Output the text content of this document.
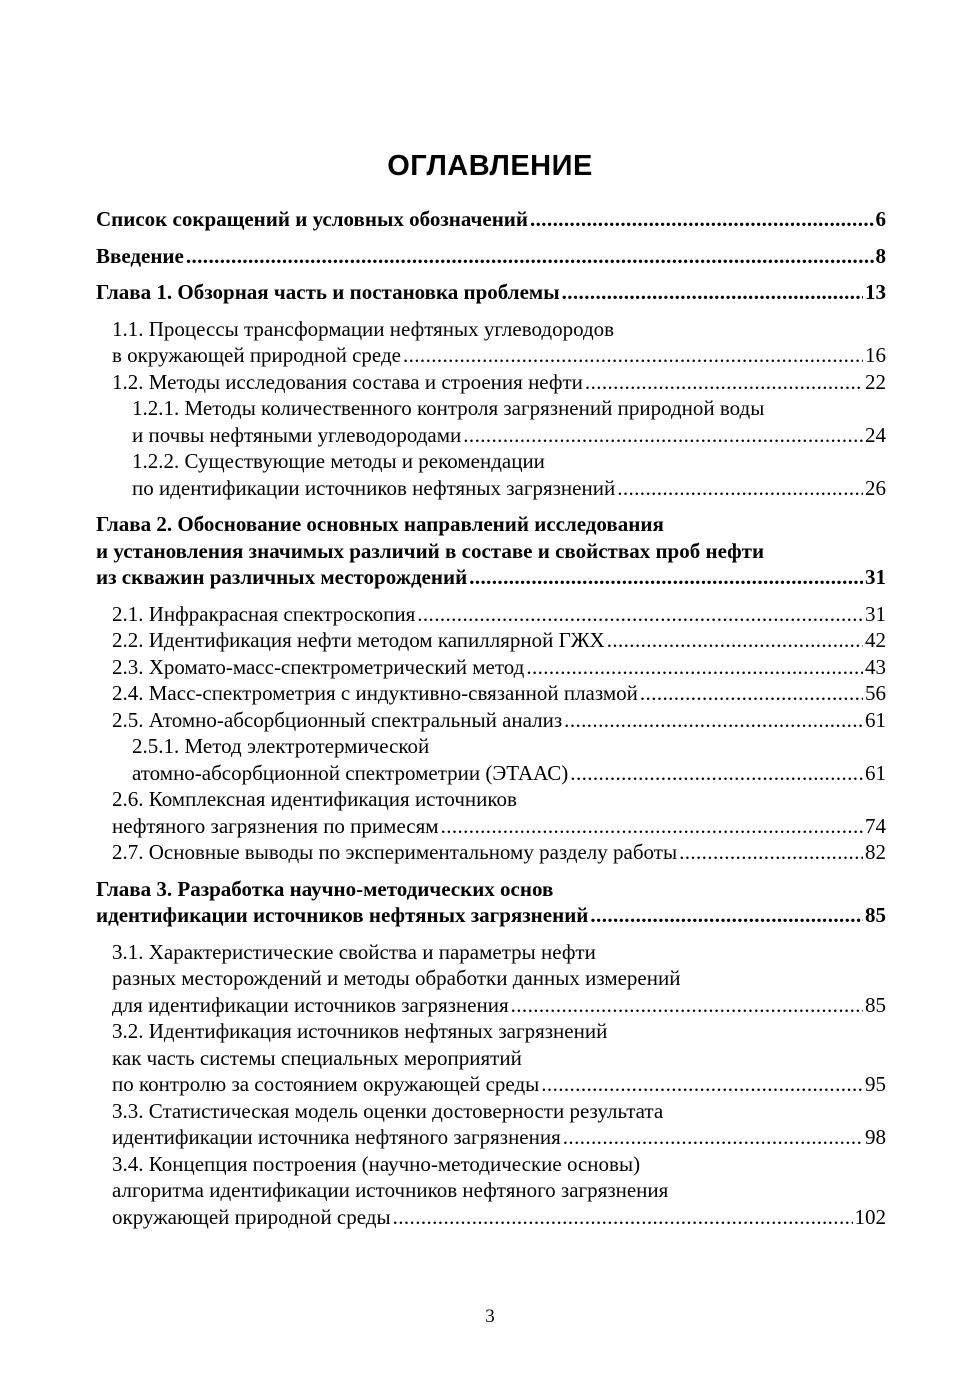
ОГЛАВЛЕНИЕ
Список сокращений и условных обозначений .....	6
Введение .....	8
Глава 1. Обзорная часть и постановка проблемы .....	13
1.1. Процессы трансформации нефтяных углеводородов
в окружающей природной среде .....	16
1.2. Методы исследования состава и строения нефти .....	22
1.2.1. Методы количественного контроля загрязнений природной воды
и почвы нефтяными углеводородами .....	24
1.2.2. Существующие методы и рекомендации
по идентификации источников нефтяных загрязнений .....	26
Глава 2. Обоснование основных направлений исследования
и установления значимых различий в составе и свойствах проб нефти
из скважин различных месторождений .....	31
2.1. Инфракрасная спектроскопия .....	31
2.2. Идентификация нефти методом капиллярной ГЖХ .....	42
2.3. Хромато-масс-спектрометрический метод .....	43
2.4. Масс-спектрометрия с индуктивно-связанной плазмой .....	56
2.5. Атомно-абсорбционный спектральный анализ .....	61
2.5.1. Метод электротермической
атомно-абсорбционной спектрометрии (ЭТААС) .....	61
2.6. Комплексная идентификация источников
нефтяного загрязнения по примесям .....	74
2.7. Основные выводы по экспериментальному разделу работы .....	82
Глава 3. Разработка научно-методических основ
идентификации источников нефтяных загрязнений .....	85
3.1. Характеристические свойства и параметры нефти
разных месторождений и методы обработки данных измерений
для идентификации источников загрязнения .....	85
3.2. Идентификация источников нефтяных загрязнений
как часть системы специальных мероприятий
по контролю за состоянием окружающей среды .....	95
3.3. Статистическая модель оценки достоверности результата
идентификации источника нефтяного загрязнения .....	98
3.4. Концепция построения (научно-методические основы)
алгоритма идентификации источников нефтяного загрязнения
окружающей природной среды .....	102
3
